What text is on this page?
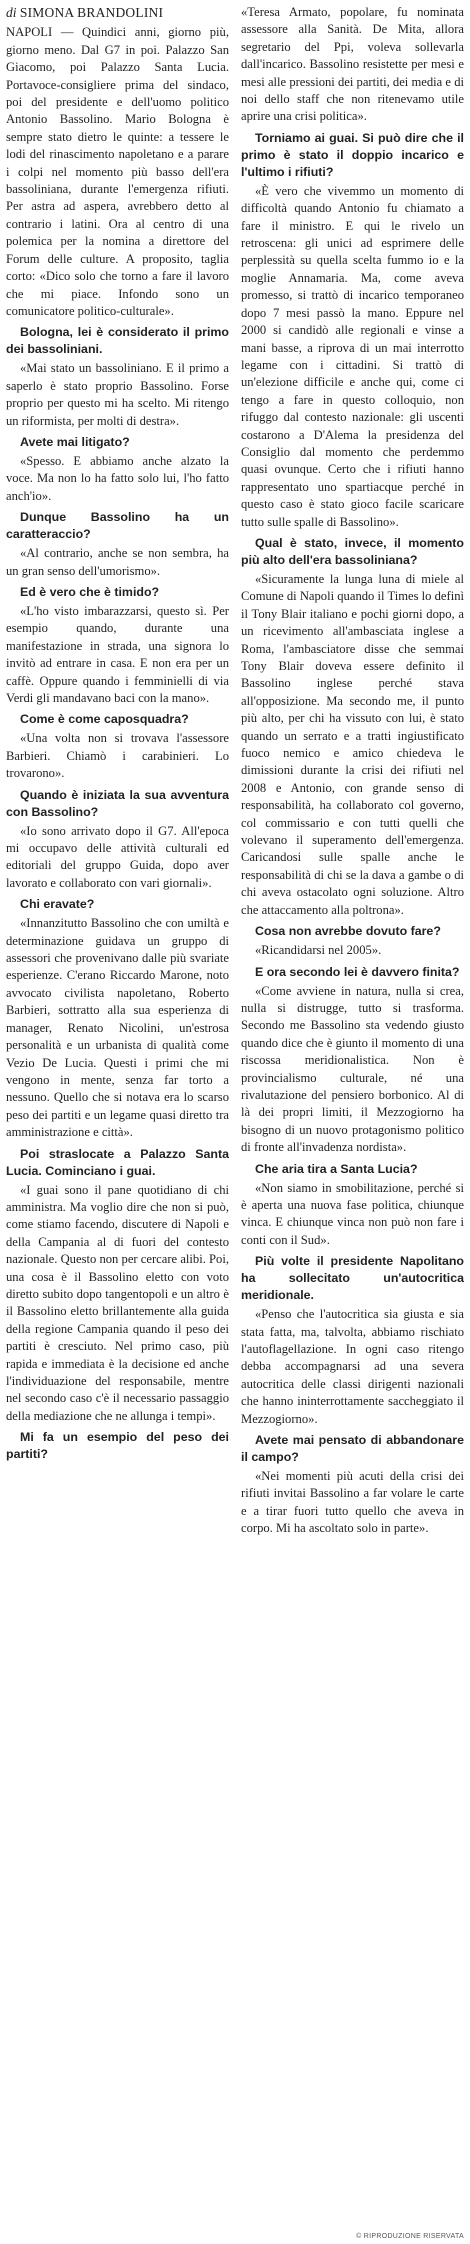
di SIMONA BRANDOLINI

NAPOLI — Quindici anni, giorno più, giorno meno. Dal G7 in poi. Palazzo San Giacomo, poi Palazzo Santa Lucia. Portavoce-consigliere prima del sindaco, poi del presidente e dell'uomo politico Antonio Bassolino. Mario Bologna è sempre stato dietro le quinte: a tessere le lodi del rinascimento napoletano e a parare i colpi nel momento più basso dell'era bassoliniana, durante l'emergenza rifiuti. Per astra ad aspera, avrebbero detto al contrario i latini. Ora al centro di una polemica per la nomina a direttore del Forum delle culture. A proposito, taglia corto: «Dico solo che torno a fare il lavoro che mi piace. Infondo sono un comunicatore politico-culturale».

Bologna, lei è considerato il primo dei bassoliniani.

«Mai stato un bassoliniano. E il primo a saperlo è stato proprio Bassolino. Forse proprio per questo mi ha scelto. Mi ritengo un riformista, per molti di destra».

Avete mai litigato?

«Spesso. E abbiamo anche alzato la voce. Ma non lo ha fatto solo lui, l'ho fatto anch'io».

Dunque Bassolino ha un caratteraccio?

«Al contrario, anche se non sembra, ha un gran senso dell'umorismo».

Ed è vero che è timido?

«L'ho visto imbarazzarsi, questo sì. Per esempio quando, durante una manifestazione in strada, una signora lo invitò ad entrare in casa. E non era per un caffè. Oppure quando i femminielli di via Verdi gli mandavano baci con la mano».

Come è come caposquadra?

«Una volta non si trovava l'assessore Barbieri. Chiamò i carabinieri. Lo trovarono».

Quando è iniziata la sua avventura con Bassolino?

«Io sono arrivato dopo il G7. All'epoca mi occupavo delle attività culturali ed editoriali del gruppo Guida, dopo aver lavorato e collaborato con vari giornali».

Chi eravate?

«Innanzitutto Bassolino che con umiltà e determinazione guidava un gruppo di assessori che provenivano dalle più svariate esperienze. C'erano Riccardo Marone, noto avvocato civilista napoletano, Roberto Barbieri, sottratto alla sua esperienza di manager, Renato Nicolini, un'estrosa personalità e un urbanista di qualità come Vezio De Lucia. Questi i primi che mi vengono in mente, senza far torto a nessuno. Quello che si notava era lo scarso peso dei partiti e un legame quasi diretto tra amministrazione e città».

Poi straslocate a Palazzo Santa Lucia. Cominciano i guai.

«I guai sono il pane quotidiano di chi amministra. Ma voglio dire che non si può, come stiamo facendo, discutere di Napoli e della Campania al di fuori del contesto nazionale. Questo non per cercare alibi. Poi, una cosa è il Bassolino eletto con voto diretto subito dopo tangentopoli e un altro è il Bassolino eletto brillantemente alla guida della regione Campania quando il peso dei partiti è cresciuto. Nel primo caso, più rapida e immediata è la decisione ed anche l'individuazione del responsabile, mentre nel secondo caso c'è il necessario passaggio della mediazione che ne allunga i tempi».

Mi fa un esempio del peso dei partiti?

«Teresa Armato, popolare, fu nominata assessore alla Sanità. De Mita, allora segretario del Ppi, voleva sollevarla dall'incarico. Bassolino resistette per mesi e mesi alle pressioni dei partiti, dei media e di noi dello staff che non ritenevamo utile aprire una crisi politica».

Torniamo ai guai. Si può dire che il primo è stato il doppio incarico e l'ultimo i rifiuti?

«È vero che vivemmo un momento di difficoltà quando Antonio fu chiamato a fare il ministro. E qui le rivelo un retroscena: gli unici ad esprimere delle perplessità su quella scelta fummo io e la moglie Annamaria. Ma, come aveva promesso, si trattò di incarico temporaneo dopo 7 mesi passò la mano. Eppure nel 2000 si candidò alle regionali e vinse a mani basse, a riprova di un mai interrotto legame con i cittadini. Si trattò di un'elezione difficile e anche qui, come ci tengo a fare in questo colloquio, non rifuggo dal contesto nazionale: gli uscenti costarono a D'Alema la presidenza del Consiglio dal momento che perdemmo quasi ovunque. Certo che i rifiuti hanno rappresentato uno spartiacque perché in questo caso è stato gioco facile scaricare tutto sulle spalle di Bassolino».

Qual è stato, invece, il momento più alto dell'era bassoliniana?

«Sicuramente la lunga luna di miele al Comune di Napoli quando il Times lo definì il Tony Blair italiano e pochi giorni dopo, a un ricevimento all'ambasciata inglese a Roma, l'ambasciatore disse che semmai Tony Blair doveva essere definito il Bassolino inglese perché stava all'opposizione. Ma secondo me, il punto più alto, per chi ha vissuto con lui, è stato quando un serrato e a tratti ingiustificato fuoco nemico e amico chiedeva le dimissioni durante la crisi dei rifiuti nel 2008 e Antonio, con grande senso di responsabilità, ha collaborato col governo, col commissario e con tutti quelli che volevano il superamento dell'emergenza. Caricandosi sulle spalle anche le responsabilità di chi se la dava a gambe o di chi aveva ostacolato ogni soluzione. Altro che attaccamento alla poltrona».

Cosa non avrebbe dovuto fare?

«Ricandidarsi nel 2005».

E ora secondo lei è davvero finita?

«Come avviene in natura, nulla si crea, nulla si distrugge, tutto si trasforma. Secondo me Bassolino sta vedendo giusto quando dice che è giunto il momento di una riscossa meridionalistica. Non è provincialismo culturale, né una rivalutazione del pensiero borbonico. Al di là dei propri limiti, il Mezzogiorno ha bisogno di un nuovo protagonismo politico di fronte all'invadenza nordista».

Che aria tira a Santa Lucia?

«Non siamo in smobilitazione, perché si è aperta una nuova fase politica, chiunque vinca. E chiunque vinca non può non fare i conti con il Sud».

Più volte il presidente Napolitano ha sollecitato un'autocritica meridionale.

«Penso che l'autocritica sia giusta e sia stata fatta, ma, talvolta, abbiamo rischiato l'autoflagellazione. In ogni caso ritengo debba accompagnarsi ad una severa autocritica delle classi dirigenti nazionali che hanno ininterrottamente saccheggiato il Mezzogiorno».

Avete mai pensato di abbandonare il campo?

«Nei momenti più acuti della crisi dei rifiuti invitai Bassolino a far volare le carte e a tirar fuori tutto quello che aveva in corpo. Mi ha ascoltato solo in parte».

© RIPRODUZIONE RISERVATA
